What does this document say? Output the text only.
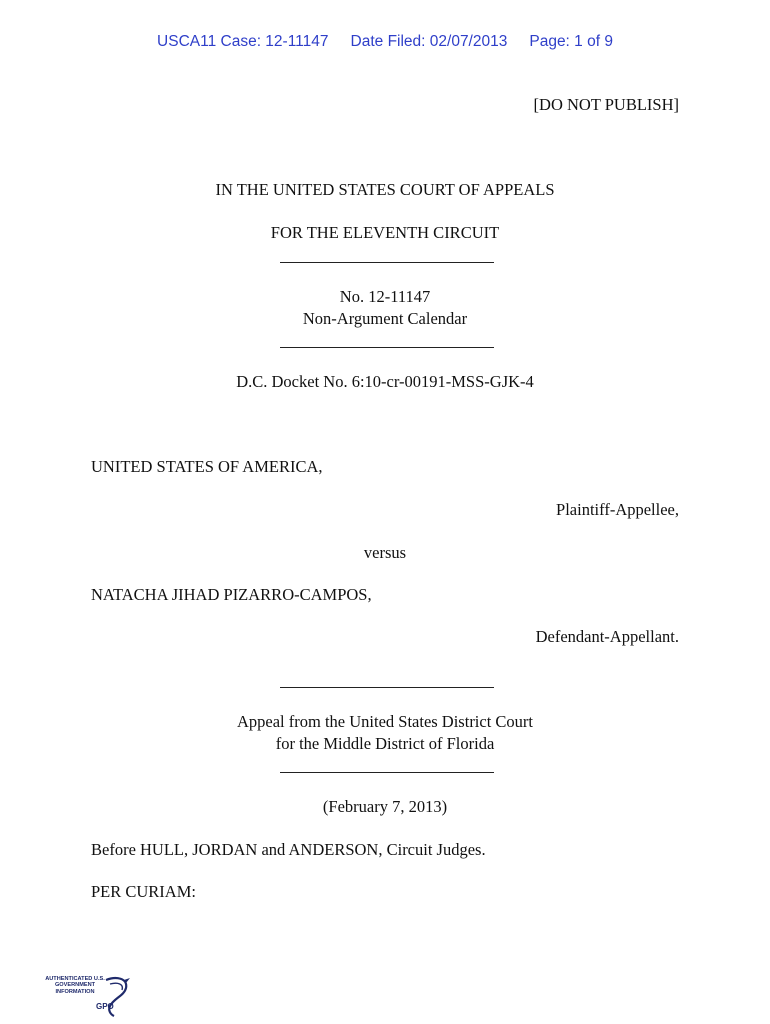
USCA11 Case: 12-11147 Date Filed: 02/07/2013 Page: 1 of 9
[DO NOT PUBLISH]
IN THE UNITED STATES COURT OF APPEALS
FOR THE ELEVENTH CIRCUIT
No. 12-11147
Non-Argument Calendar
D.C. Docket No. 6:10-cr-00191-MSS-GJK-4
UNITED STATES OF AMERICA,
Plaintiff-Appellee,
versus
NATACHA JIHAD PIZARRO-CAMPOS,
Defendant-Appellant.
Appeal from the United States District Court
for the Middle District of Florida
(February 7, 2013)
Before HULL, JORDAN and ANDERSON, Circuit Judges.
PER CURIAM:
AUTHENTICATED U.S. GOVERNMENT INFORMATION
GPO
